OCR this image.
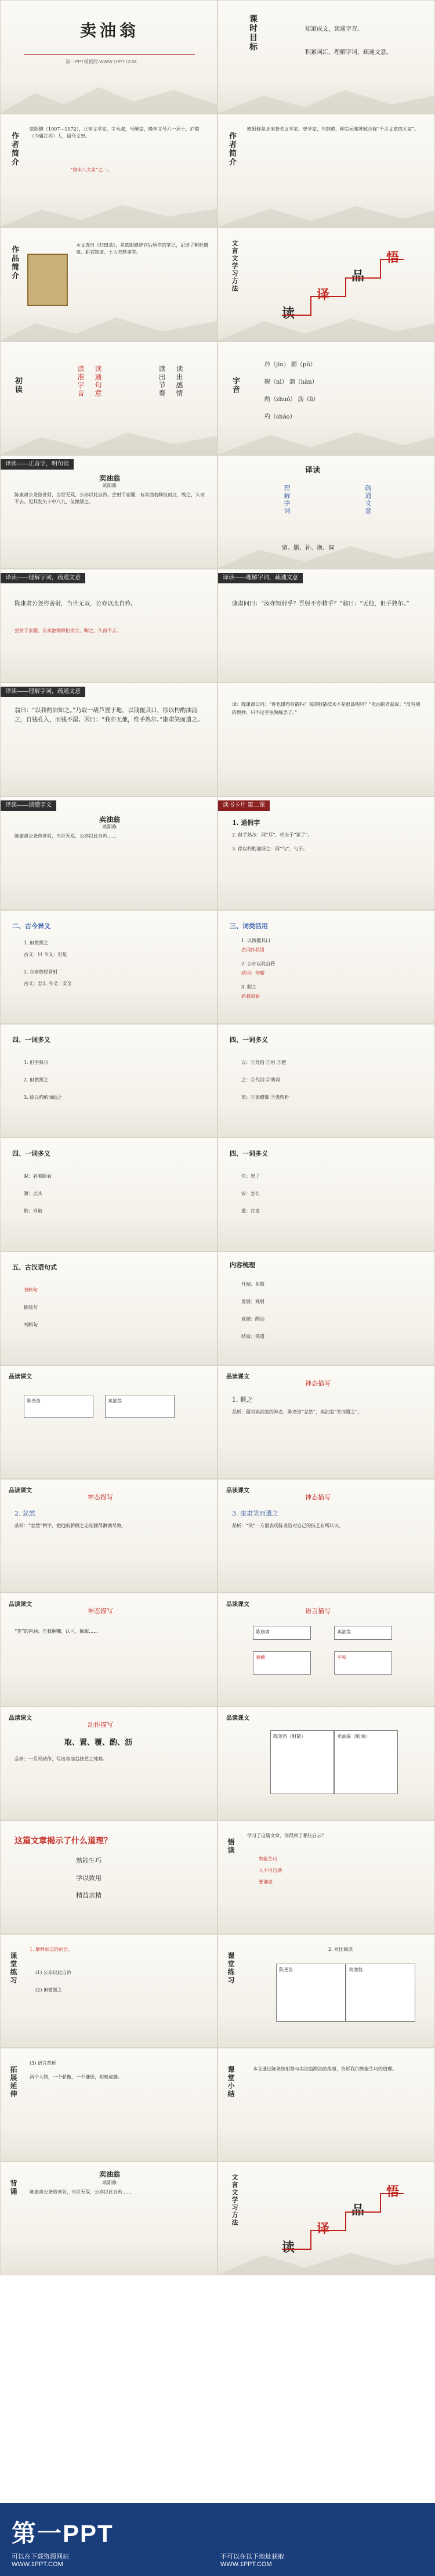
卖油翁
第一PPT模板网-WWW.1PPT.COM
课时目标	知道成文，读通字音。
积累词汇，理解字词，疏通文意。
作者简介
欧阳修（1007—1072），北宋文学家，字永叔，号醉翁，晚年又号六一居士，庐陵（今属江西）人，谥号文忠。
“唐宋八大家”之一。
作者简介
欧阳修是北宋著名文学家、史学家，与韩愈、柳宗元和苏轼合称“千古文章四大家”。
作品简介
本文选自《归田录》，是欧阳修辞官后所作的笔记，记述了朝廷遗事、职官制度、士大夫轶事等。	文言文学习方法
读
译
品
悟
初读	读准字音 读通句意	读出节奏 读出感情	字音
矜（jīn） 圃（pǔ）
睨（nì） 颔（hàn）
酌（zhuó） 沥（lì）
杓（sháo）
译读——正音字，明句读
卖油翁
欧阳修
陈康肃公尧咨善射，当世无双，公亦以此自矜。尝射于家圃，有卖油翁释担而立，睨之，久而不去。见其发矢十中八九，但微颔之。
译读
理解字词	疏通文意
留、删、补、换、调
译读——理解字词，疏通文意
陈康肃公尧咨善射，当世无双，公亦以此自矜。
尝射于家圃，有卖油翁释担而立，睨之，久而不去。
译读——理解字词，疏通文意
康肃问曰：“汝亦知射乎？吾射不亦精乎？”翁曰：“无他，但手熟尔。”
译读——理解字词，疏通文意
翁曰：“以我酌油知之。”乃取一葫芦置于地，以钱覆其口，徐以杓酌油沥之，自钱孔入，而钱不湿。因曰：“我亦无他，惟手熟尔。”康肃笑而遣之。
译：陈康肃公问：“你也懂得射箭吗？我的射箭技术不是很高明吗？”卖油的老翁说：“没有别的奥妙，只不过手法熟练罢了。”
译读——读懂字义
卖油翁
欧阳修
陈康肃公尧咨善射，当世无双，公亦以此自矜……
读书卡片 第二课
1. 通假字
2. 但手熟尔：同“耳”，相当于“罢了”。
3. 徐以杓酌油沥之：同“勺”，勺子。
二、古今异义
1. 但微颔之
古义：只 今义：但是
2. 尔安敢轻吾射
古义：怎么 今义：安全
三、词类活用
1. 以钱覆其口
名词作状语
2. 公亦以此自矜
动词：夸耀
3. 睨之
斜着眼看
四、一词多义
1. 但手熟尔
2. 但微颔之
3. 徐以杓酌油沥之
四、一词多义
以：①凭借 ②用 ③把
之：①代词 ②助词
而：①表修饰 ②表转折
四、一词多义
睨：斜着眼看
颔：点头
酌：舀取
四、一词多义
尔：罢了
安：怎么
遣：打发
五、古汉语句式
省略句
倒装句
判断句
内容梳理
开端：射箭
发展：观射
高潮：酌油
结局：笑遣
品读课文
陈尧咨	卖油翁
品读课文
神态描写
1. 概之
品析：面对卖油翁的神态，陈尧咨“忿然”，卖油翁“笑而遣之”。
品读课文
神态描写
2. 忿然
品析：“忿然”两字，把他的骄横之态刻画得淋漓尽致。
品读课文
神态描写
3. 康肃笑而遣之
品析：“笑”一方面表现陈尧咨对自己的技艺有所认识。
品读课文
神态描写
“笑”的内涵：自我解嘲、认可、佩服……
品读课文
语言描写
陈康肃	卖油翁
骄横	平和
品读课文
动作描写
取、置、覆、酌、沥
品析：一系列动作，写出卖油翁技艺之纯熟。
品读课文
陈尧咨（射箭）	卖油翁（酌油）
这篇文章揭示了什么道理？
熟能生巧
学以致用
精益求精
悟读
学习了这篇文章，你得到了哪些启示？
熟能生巧
人不可自满
要谦虚
课堂练习
1. 解释加点的词语。
(1) 公亦以此自矜
(2) 但微颔之
课堂练习
2. 对比阅读
陈尧咨	卖油翁
拓展延伸
(3) 语言赏析
两个人物，一个骄傲，一个谦逊，相映成趣。	课堂小结	本文通过陈尧咨射箭与卖油翁酌油的故事，告诉我们熟能生巧的道理。
背诵
卖油翁
欧阳修
陈康肃公尧咨善射，当世无双，公亦以此自矜……	文言文学习方法
读
译
品
悟
第一PPT
可以在下载资源网站
WWW.1PPT.COM
不可以在以下地址获取
WWW.1PPT.COM
